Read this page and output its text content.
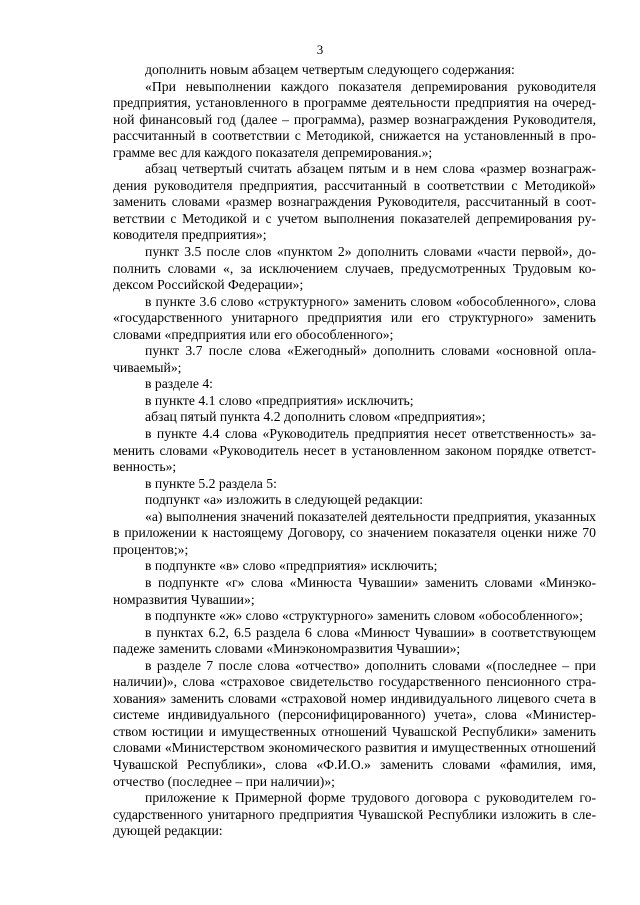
3

дополнить новым абзацем четвертым следующего содержания:

«При невыполнении каждого показателя депремирования руководителя предприятия, установленного в программе деятельности предприятия на очередной финансовый год (далее – программа), размер вознаграждения Руководителя, рассчитанный в соответствии с Методикой, снижается на установленный в программе вес для каждого показателя депремирования.»;

абзац четвертый считать абзацем пятым и в нем слова «размер вознаграждения руководителя предприятия, рассчитанный в соответствии с Методикой» заменить словами «размер вознаграждения Руководителя, рассчитанный в соответствии с Методикой и с учетом выполнения показателей депремирования руководителя предприятия»;

пункт 3.5 после слов «пунктом 2» дополнить словами «части первой», дополнить словами «, за исключением случаев, предусмотренных Трудовым кодексом Российской Федерации»;

в пункте 3.6 слово «структурного» заменить словом «обособленного», слова «государственного унитарного предприятия или его структурного» заменить словами «предприятия или его обособленного»;

пункт 3.7 после слова «Ежегодный» дополнить словами «основной оплачиваемый»;

в разделе 4:

в пункте 4.1 слово «предприятия» исключить;

абзац пятый пункта 4.2 дополнить словом «предприятия»;

в пункте 4.4 слова «Руководитель предприятия несет ответственность» заменить словами «Руководитель несет в установленном законом порядке ответственность»;

в пункте 5.2 раздела 5:

подпункт «а» изложить в следующей редакции:

«а) выполнения значений показателей деятельности предприятия, указанных в приложении к настоящему Договору, со значением показателя оценки ниже 70 процентов;»;

в подпункте «в» слово «предприятия» исключить;

в подпункте «г» слова «Минюста Чувашии» заменить словами «Минэкономразвития Чувашии»;

в подпункте «ж» слово «структурного» заменить словом «обособленного»;

в пунктах 6.2, 6.5 раздела 6 слова «Минюст Чувашии» в соответствующем падеже заменить словами «Минэкономразвития Чувашии»;

в разделе 7 после слова «отчество» дополнить словами «(последнее – при наличии)», слова «страховое свидетельство государственного пенсионного страхования» заменить словами «страховой номер индивидуального лицевого счета в системе индивидуального (персонифицированного) учета», слова «Министерством юстиции и имущественных отношений Чувашской Республики» заменить словами «Министерством экономического развития и имущественных отношений Чувашской Республики», слова «Ф.И.О.» заменить словами «фамилия, имя, отчество (последнее – при наличии)»;

приложение к Примерной форме трудового договора с руководителем государственного унитарного предприятия Чувашской Республики изложить в следующей редакции:
